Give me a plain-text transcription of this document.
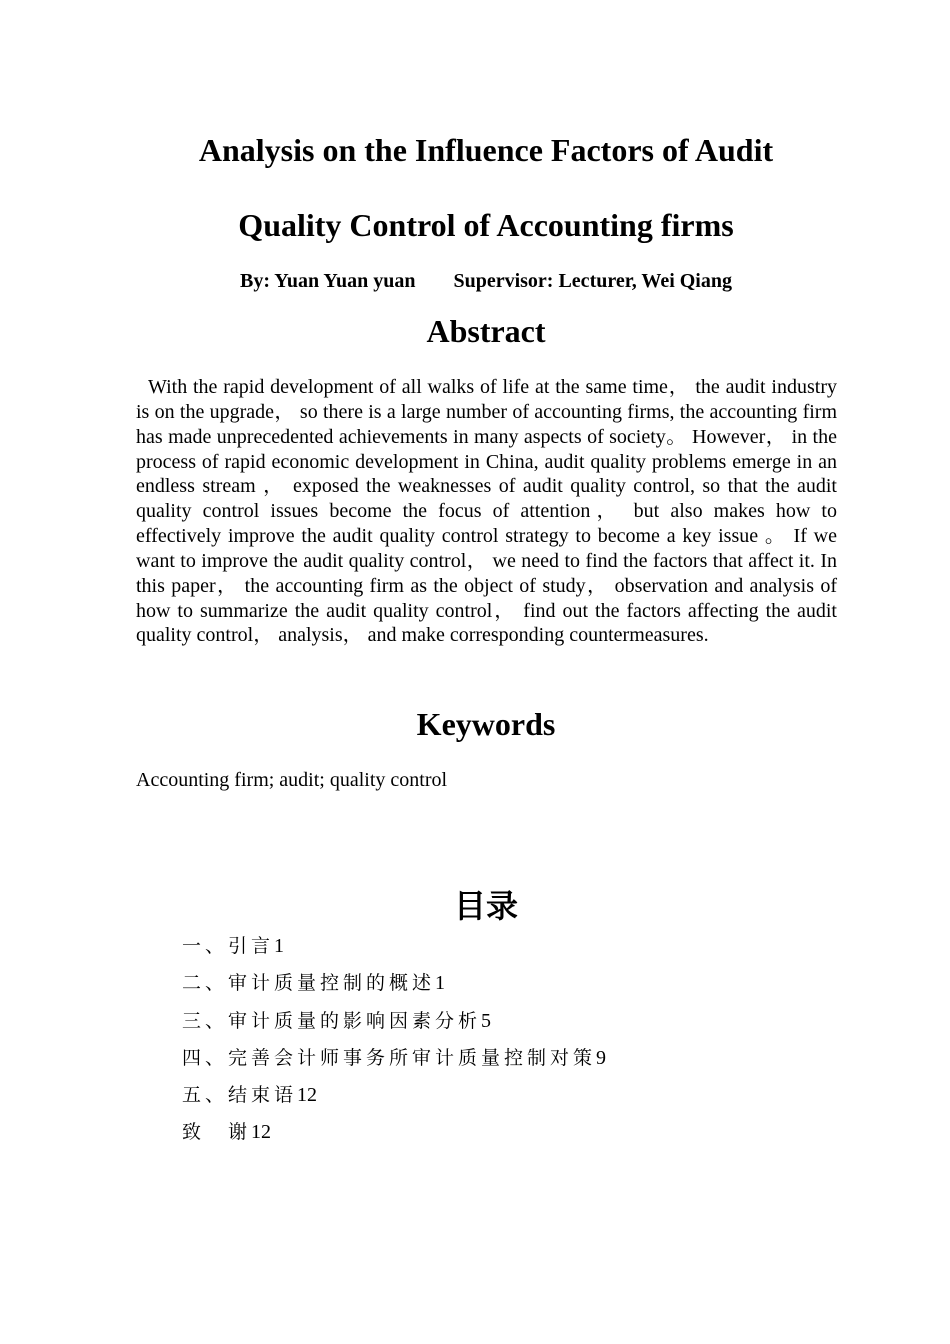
Analysis on the Influence Factors of Audit
Quality Control of Accounting firms
By: Yuan Yuan yuan Supervisor: Lecturer, Wei Qiang
Abstract

With the rapid development of all walks of life at the same time， the audit industry is on the upgrade， so there is a large number of accounting firms, the accounting firm has made unprecedented achievements in many aspects of society。 However， in the process of rapid economic development in China, audit quality problems emerge in an endless stream ， exposed the weaknesses of audit quality control, so that the audit quality control issues become the focus of attention， but also makes how to effectively improve the audit quality control strategy to become a key issue 。 If we want to improve the audit quality control， we need to find the factors that affect it. In this paper， the accounting firm as the object of study， observation and analysis of how to summarize the audit quality control， find out the factors affecting the audit quality control， analysis， and make corresponding countermeasures.

Keywords

Accounting firm; audit; quality control

目录
一、引言1
二、审计质量控制的概述1
三、审计质量的影响因素分析5
四、完善会计师事务所审计质量控制对策9
五、结束语12
致　谢12
